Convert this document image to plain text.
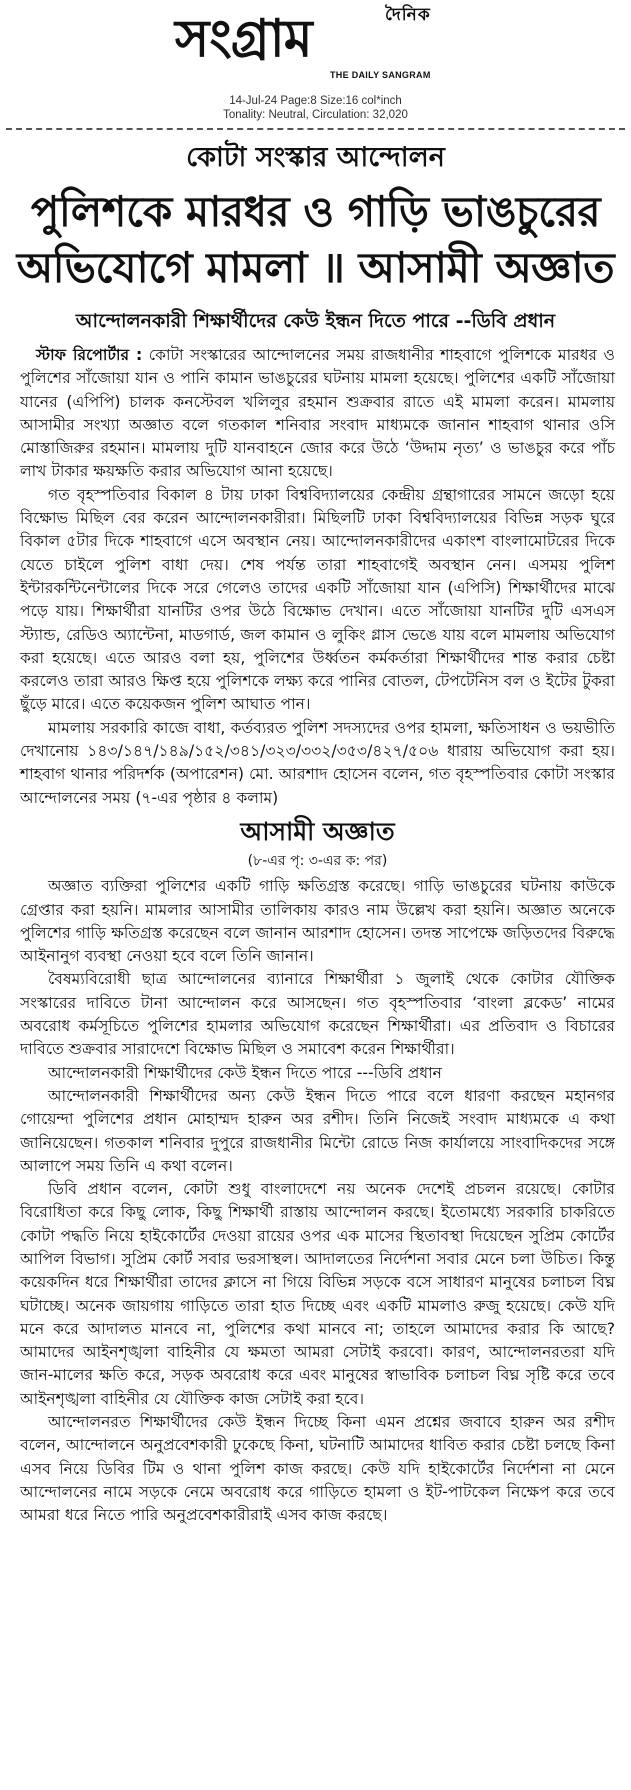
দৈনিক
সংগ্রাম
THE DAILY SANGRAM
14-Jul-24 Page:8 Size:16 col*inch
Tonality: Neutral, Circulation: 32,020
কোটা সংস্কার আন্দোলন
পুলিশকে মারধর ও গাড়ি ভাঙচুরের
অভিযোগে মামলা ॥ আসামী অজ্ঞাত
আন্দোলনকারী শিক্ষার্থীদের কেউ ইন্ধন দিতে পারে --ডিবি প্রধান

স্টাফ রিপোর্টার : কোটা সংস্কারের আন্দোলনের সময় রাজধানীর শাহবাগে পুলিশকে মারধর ও পুলিশের সাঁজোয়া যান ও পানি কামান ভাঙচুরের ঘটনায় মামলা হয়েছে। পুলিশের একটি সাঁজোয়া যানের (এপিপি) চালক কনস্টেবল খলিলুর রহমান শুক্রবার রাতে এই মামলা করেন। মামলায় আসামীর সংখ্যা অজ্ঞাত বলে গতকাল শনিবার সংবাদ মাধ্যমকে জানান শাহবাগ থানার ওসি মোস্তাজিরুর রহমান। মামলায় দুটি যানবাহনে জোর করে উঠে ‘উদ্দাম নৃত্য’ ও ভাঙচুর করে পাঁচ লাখ টাকার ক্ষয়ক্ষতি করার অভিযোগ আনা হয়েছে।

গত বৃহস্পতিবার বিকাল ৪ টায় ঢাকা বিশ্ববিদ্যালয়ের কেন্দ্রীয় গ্রন্থাগারের সামনে জড়ো হয়ে বিক্ষোভ মিছিল বের করেন আন্দোলনকারীরা। মিছিলটি ঢাকা বিশ্ববিদ্যালয়ের বিভিন্ন সড়ক ঘুরে বিকাল ৫টার দিকে শাহবাগে এসে অবস্থান নেয়। আন্দোলনকারীদের একাংশ বাংলামোটরের দিকে যেতে চাইলে পুলিশ বাধা দেয়। শেষ পর্যন্ত তারা শাহবাগেই অবস্থান নেন। এসময় পুলিশ ইন্টারকন্টিনেন্টালের দিকে সরে গেলেও তাদের একটি সাঁজোয়া যান (এপিসি) শিক্ষার্থীদের মাঝে পড়ে যায়। শিক্ষার্থীরা যানটির ওপর উঠে বিক্ষোভ দেখান। এতে সাঁজোয়া যানটির দুটি এসএস স্ট্যান্ড, রেডিও অ্যান্টেনা, মাডগার্ড, জল কামান ও লুকিং গ্লাস ভেঙে যায় বলে মামলায় অভিযোগ করা হয়েছে। এতে আরও বলা হয়, পুলিশের উর্ধ্বতন কর্মকর্তারা শিক্ষার্থীদের শান্ত করার চেষ্টা করলেও তারা আরও ক্ষিপ্ত হয়ে পুলিশকে লক্ষ্য করে পানির বোতল, টেপটেনিস বল ও ইটের টুকরা ছুঁড়ে মারে। এতে কয়েকজন পুলিশ আঘাত পান।

মামলায় সরকারি কাজে বাধা, কর্তব্যরত পুলিশ সদস্যদের ওপর হামলা, ক্ষতিসাধন ও ভয়ভীতি দেখানোয় ১৪৩/১৪৭/১৪৯/১৫২/৩৪১/৩২৩/৩৩২/৩৫৩/৪২৭/৫০৬ ধারায় অভিযোগ করা হয়। শাহবাগ থানার পরিদর্শক (অপারেশন) মো. আরশাদ হোসেন বলেন, গত বৃহস্পতিবার কোটা সংস্কার আন্দোলনের সময় (৭-এর পৃষ্ঠার ৪ কলাম)

আসামী অজ্ঞাত
(৮-এর পৃ: ৩-এর ক: পর)

অজ্ঞাত ব্যক্তিরা পুলিশের একটি গাড়ি ক্ষতিগ্রস্ত করেছে। গাড়ি ভাঙচুরের ঘটনায় কাউকে গ্রেপ্তার করা হয়নি। মামলার আসামীর তালিকায় কারও নাম উল্লেখ করা হয়নি। অজ্ঞাত অনেকে পুলিশের গাড়ি ক্ষতিগ্রস্ত করেছেন বলে জানান আরশাদ হোসেন। তদন্ত সাপেক্ষে জড়িতদের বিরুদ্ধে আইনানুগ ব্যবস্থা নেওয়া হবে বলে তিনি জানান।

বৈষম্যবিরোধী ছাত্র আন্দোলনের ব্যানারে শিক্ষার্থীরা ১ জুলাই থেকে কোটার যৌক্তিক সংস্কারের দাবিতে টানা আন্দোলন করে আসছেন। গত বৃহস্পতিবার ‘বাংলা ব্লকেড’ নামের অবরোধ কর্মসূচিতে পুলিশের হামলার অভিযোগ করেছেন শিক্ষার্থীরা। এর প্রতিবাদ ও বিচারের দাবিতে শুক্রবার সারাদেশে বিক্ষোভ মিছিল ও সমাবেশ করেন শিক্ষার্থীরা।

আন্দোলনকারী শিক্ষার্থীদের কেউ ইন্ধন দিতে পারে ---ডিবি প্রধান

আন্দোলনকারী শিক্ষার্থীদের অন্য কেউ ইন্ধন দিতে পারে বলে ধারণা করছেন মহানগর গোয়েন্দা পুলিশের প্রধান মোহাম্মদ হারুন অর রশীদ। তিনি নিজেই সংবাদ মাধ্যমকে এ কথা জানিয়েছেন। গতকাল শনিবার দুপুরে রাজধানীর মিন্টো রোডে নিজ কার্যালয়ে সাংবাদিকদের সঙ্গে আলাপে সময় তিনি এ কথা বলেন।

ডিবি প্রধান বলেন, কোটা শুধু বাংলাদেশে নয় অনেক দেশেই প্রচলন রয়েছে। কোটার বিরোধিতা করে কিছু লোক, কিছু শিক্ষার্থী রাস্তায় আন্দোলন করছে। ইতোমধ্যে সরকারি চাকরিতে কোটা পদ্ধতি নিয়ে হাইকোর্টের দেওয়া রায়ের ওপর এক মাসের স্থিতাবস্থা দিয়েছেন সুপ্রিম কোর্টের আপিল বিভাগ। সুপ্রিম কোর্ট সবার ভরসাস্থল। আদালতের নির্দেশনা সবার মেনে চলা উচিত। কিন্তু কয়েকদিন ধরে শিক্ষার্থীরা তাদের ক্লাসে না গিয়ে বিভিন্ন সড়কে বসে সাধারণ মানুষের চলাচল বিঘ্ন ঘটাচ্ছে। অনেক জায়গায় গাড়িতে তারা হাত দিচ্ছে এবং একটি মামলাও রুজু হয়েছে। কেউ যদি মনে করে আদালত মানবে না, পুলিশের কথা মানবে না; তাহলে আমাদের করার কি আছে? আমাদের আইনশৃঙ্খলা বাহিনীর যে ক্ষমতা আমরা সেটাই করবো। কারণ, আন্দোলনরতরা যদি জান-মালের ক্ষতি করে, সড়ক অবরোধ করে এবং মানুষের স্বাভাবিক চলাচল বিঘ্ন সৃষ্টি করে তবে আইনশৃঙ্খলা বাহিনীর যে যৌক্তিক কাজ সেটাই করা হবে।

আন্দোলনরত শিক্ষার্থীদের কেউ ইন্ধন দিচ্ছে কিনা এমন প্রশ্নের জবাবে হারুন অর রশীদ বলেন, আন্দোলনে অনুপ্রবেশকারী ঢুকেছে কিনা, ঘটনাটি আমাদের ধাবিত করার চেষ্টা চলছে কিনা এসব নিয়ে ডিবির টিম ও থানা পুলিশ কাজ করছে। কেউ যদি হাইকোর্টের নির্দেশনা না মেনে আন্দোলনের নামে সড়কে নেমে অবরোধ করে গাড়িতে হামলা ও ইট-পাটকেল নিক্ষেপ করে তবে আমরা ধরে নিতে পারি অনুপ্রবেশকারীরাই এসব কাজ করছে।
